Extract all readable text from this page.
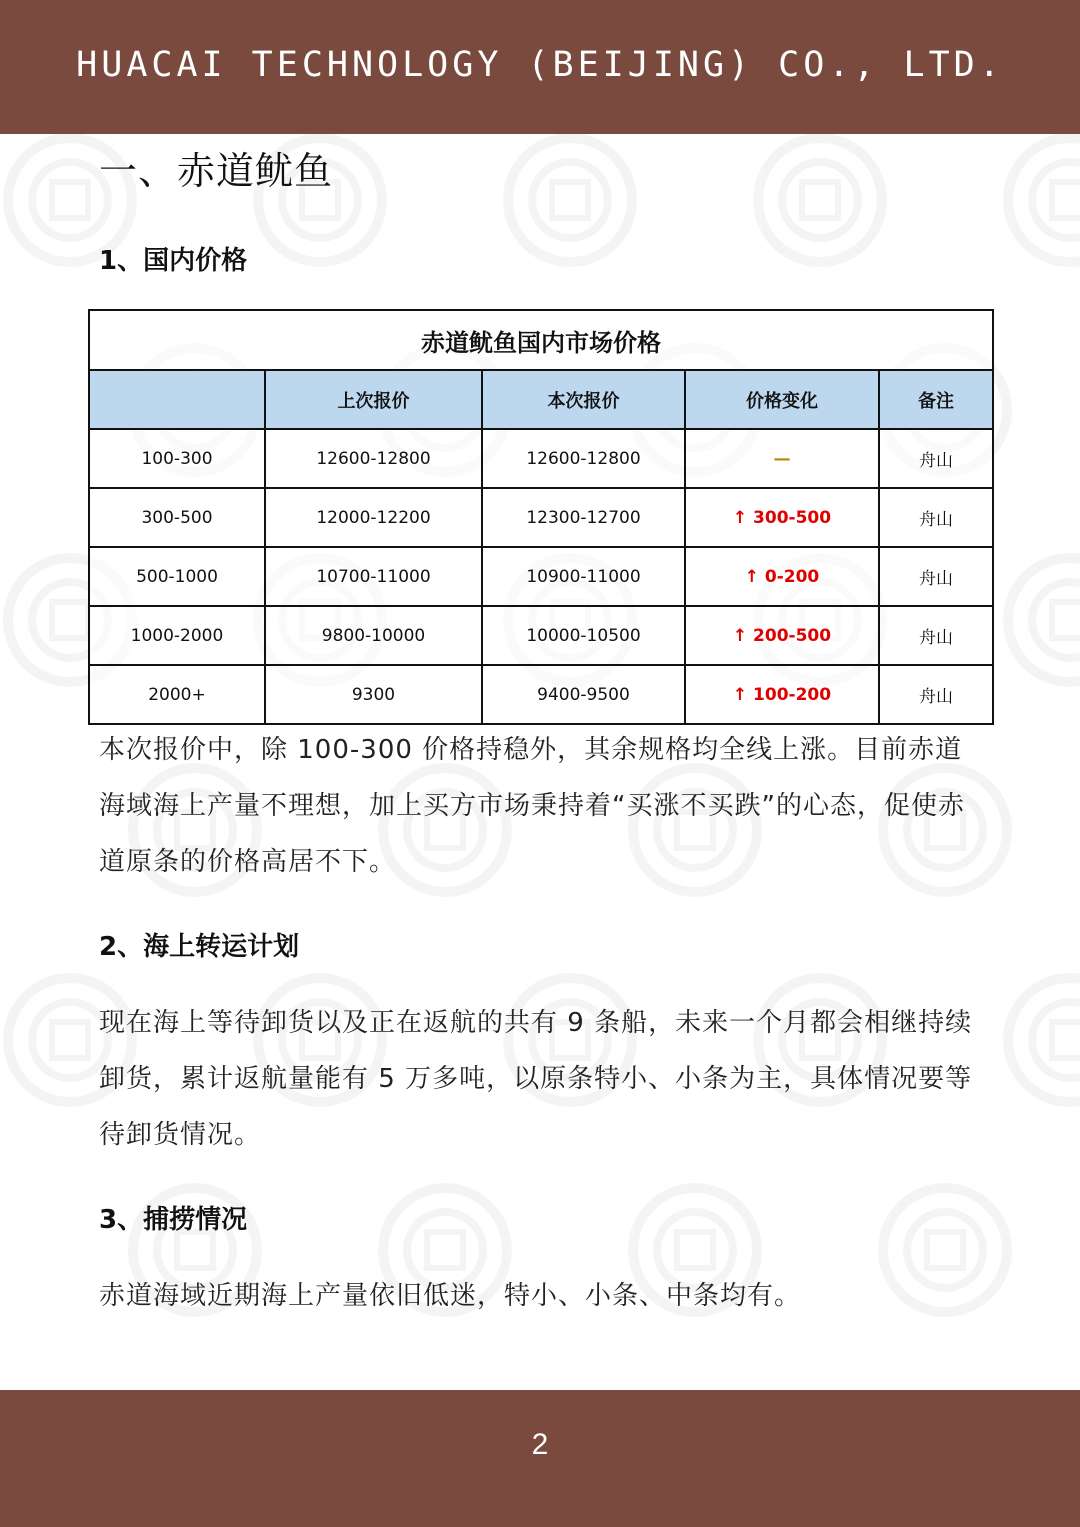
HUACAI TECHNOLOGY (BEIJING) CO., LTD.
一、赤道鱿鱼
1、国内价格
赤道鱿鱼国内市场价格				
	上次报价	本次报价	价格变化	备注
100-300	12600-12800	12600-12800	—	舟山
300-500	12000-12200	12300-12700	↑ 300-500	舟山
500-1000	10700-11000	10900-11000	↑ 0-200	舟山
1000-2000	9800-10000	10000-10500	↑ 200-500	舟山
2000+	9300	9400-9500	↑ 100-200	舟山
本次报价中，除 100-300 价格持稳外，其余规格均全线上涨。目前赤道海域海上产量不理想，加上买方市场秉持着“买涨不买跌”的心态，促使赤道原条的价格高居不下。
2、海上转运计划
现在海上等待卸货以及正在返航的共有 9 条船，未来一个月都会相继持续卸货，累计返航量能有 5 万多吨，以原条特小、小条为主，具体情况要等待卸货情况。
3、捕捞情况
赤道海域近期海上产量依旧低迷，特小、小条、中条均有。
2
